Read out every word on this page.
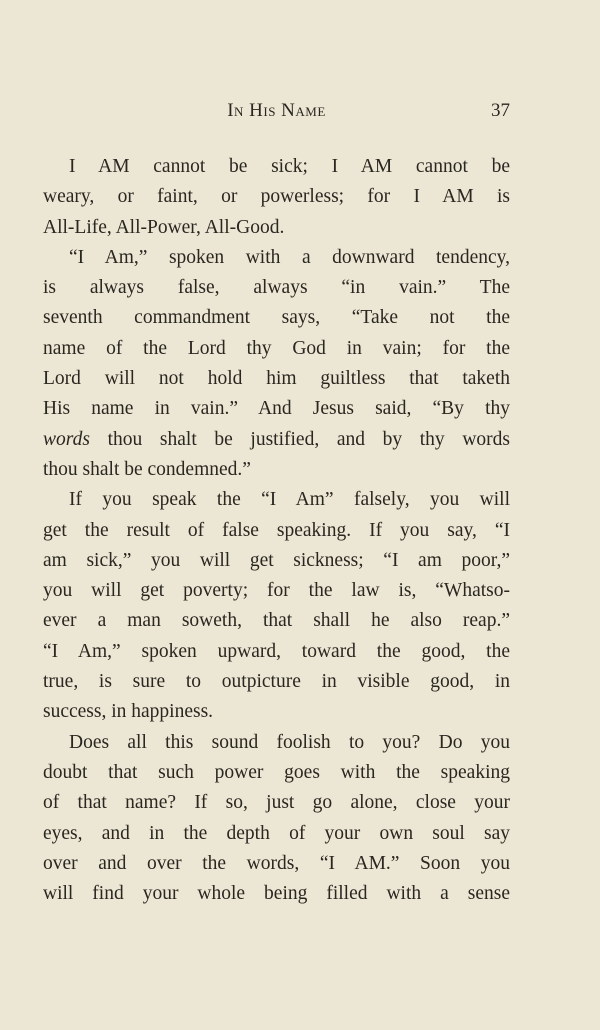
In His Name	37
I AM cannot be sick; I AM cannot be
weary, or faint, or powerless; for I AM is
All-Life, All-Power, All-Good.
“I Am,” spoken with a downward tendency,
is always false, always “in vain.” The
seventh commandment says, “Take not the
name of the Lord thy God in vain; for the
Lord will not hold him guiltless that taketh
His name in vain.” And Jesus said, “By thy
words thou shalt be justified, and by thy words
thou shalt be condemned.”
If you speak the “I Am” falsely, you will
get the result of false speaking. If you say, “I
am sick,” you will get sickness; “I am poor,”
you will get poverty; for the law is, “Whatso-
ever a man soweth, that shall he also reap.”
“I Am,” spoken upward, toward the good, the
true, is sure to outpicture in visible good, in
success, in happiness.
Does all this sound foolish to you? Do you
doubt that such power goes with the speaking
of that name? If so, just go alone, close your
eyes, and in the depth of your own soul say
over and over the words, “I AM.” Soon you
will find your whole being filled with a sense
